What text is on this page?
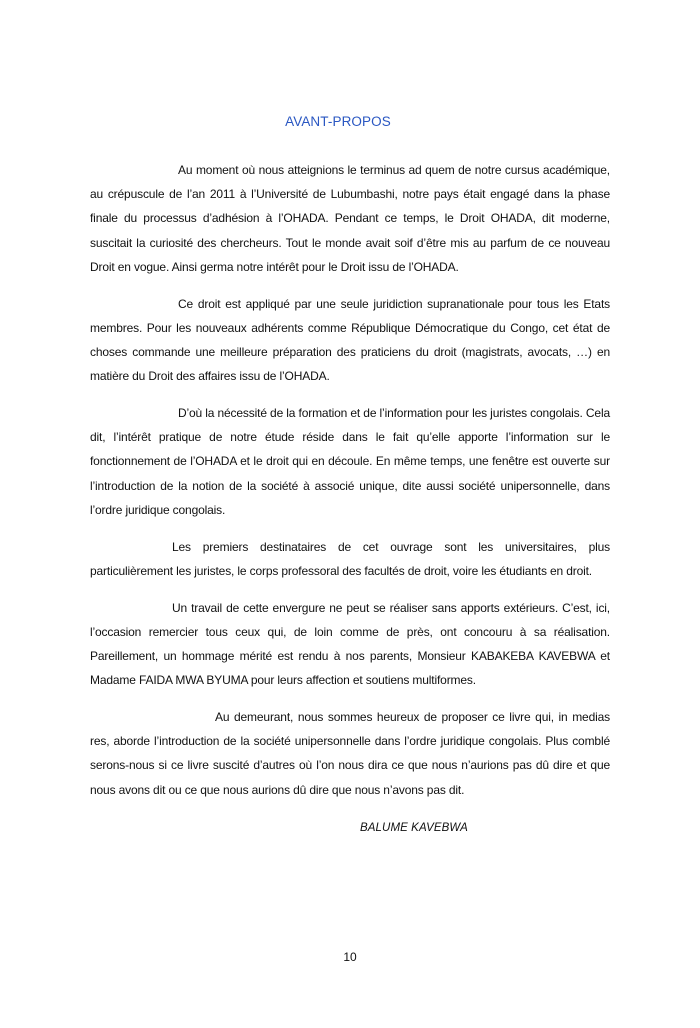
AVANT-PROPOS

Au moment où nous atteignions le terminus ad quem de notre cursus académique, au crépuscule de l’an 2011 à l’Université de Lubumbashi, notre pays était engagé dans la phase finale du processus d’adhésion à l’OHADA. Pendant ce temps, le Droit OHADA, dit moderne, suscitait la curiosité des chercheurs. Tout le monde avait soif d’être mis au parfum de ce nouveau Droit en vogue. Ainsi germa notre intérêt pour le Droit issu de l’OHADA.

Ce droit est appliqué par une seule juridiction supranationale pour tous les Etats membres. Pour les nouveaux adhérents comme République Démocratique du Congo, cet état de choses commande une meilleure préparation des praticiens du droit (magistrats, avocats, …) en matière du Droit des affaires issu de l’OHADA.

D’où la nécessité de la formation et de l’information pour les juristes congolais. Cela dit, l’intérêt pratique de notre étude réside dans le fait qu’elle apporte l’information sur le fonctionnement de l’OHADA et le droit qui en découle. En même temps, une fenêtre est ouverte sur l’introduction de la notion de la société à associé unique, dite aussi société unipersonnelle, dans l’ordre juridique congolais.

Les premiers destinataires de cet ouvrage sont les universitaires, plus particulièrement les juristes, le corps professoral des facultés de droit, voire les étudiants en droit.

Un travail de cette envergure ne peut se réaliser sans apports extérieurs. C’est, ici, l’occasion remercier tous ceux qui, de loin comme de près, ont concouru à sa réalisation. Pareillement, un hommage mérité est rendu à nos parents, Monsieur KABAKEBA KAVEBWA et Madame FAIDA MWA BYUMA pour leurs affection et soutiens multiformes.

Au demeurant, nous sommes heureux de proposer ce livre qui, in medias res, aborde l’introduction de la société unipersonnelle dans l’ordre juridique congolais. Plus comblé serons-nous si ce livre suscité d’autres où l’on nous dira ce que nous n’aurions pas dû dire et que nous avons dit ou ce que nous aurions dû dire que nous n’avons pas dit.

BALUME KAVEBWA
10
